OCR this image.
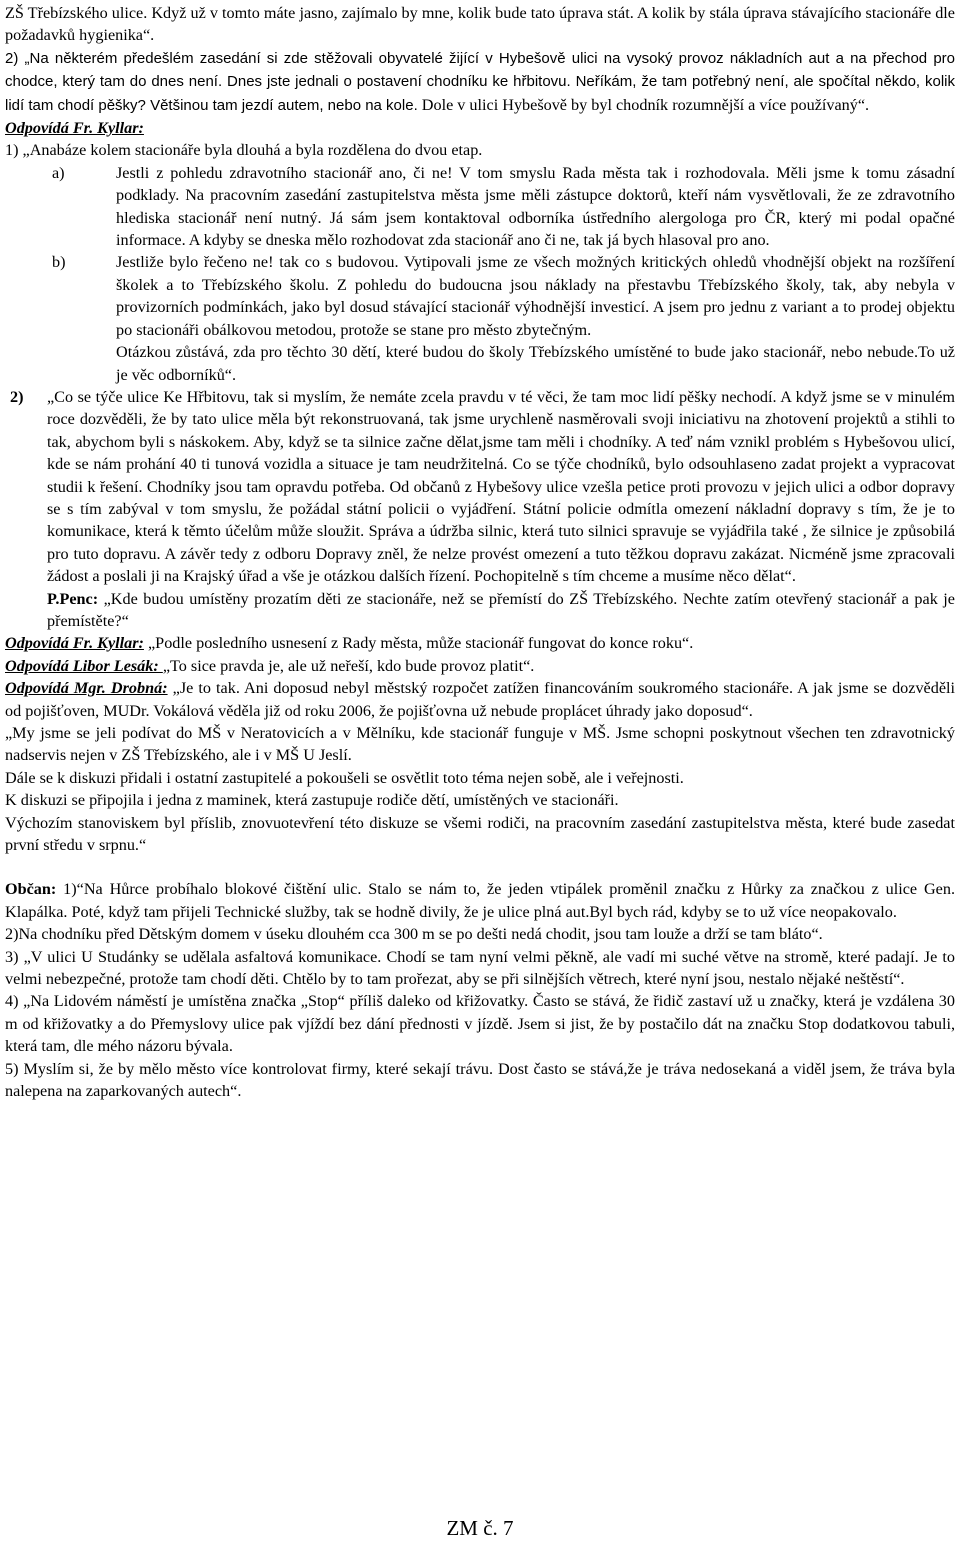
ZŠ Třebízského ulice. Když už v tomto máte jasno, zajímalo by mne, kolik bude tato úprava stát. A kolik by stála úprava stávajícího stacionáře dle požadavků hygienika“.

2) „Na některém předešlém zasedání si zde stěžovali obyvatelé žijící v Hybešově ulici na vysoký provoz nákladních aut a na přechod pro chodce, který tam do dnes není. Dnes jste jednali o postavení chodníku ke hřbitovu. Neříkám, že tam potřebný není, ale spočítal někdo, kolik lidí tam chodí pěšky? Většinou tam jezdí autem, nebo na kole. Dole v ulici Hybešově by byl chodník rozumnější a více používaný“.

Odpovídá Fr. Kyllar:

1) „Anabáze kolem stacionáře byla dlouhá a byla rozdělena do dvou etap.

a)	Jestli z pohledu zdravotního stacionář ano, či ne! V tom smyslu Rada města tak i rozhodovala. Měli jsme k tomu zásadní podklady. Na pracovním zasedání zastupitelstva města jsme měli zástupce doktorů, kteří nám vysvětlovali, že ze zdravotního hlediska stacionář není nutný. Já sám jsem kontaktoval odborníka ústředního alergologa pro ČR, který mi podal opačné informace. A kdyby se dneska mělo rozhodovat zda stacionář ano či ne, tak já bych hlasoval pro ano.
b)	Jestliže bylo řečeno ne! tak co s budovou. Vytipovali jsme ze všech možných kritických ohledů vhodnější objekt na rozšíření školek a to Třebízského školu. Z pohledu do budoucna jsou náklady na přestavbu Třebízského školy, tak, aby nebyla v provizorních podmínkách, jako byl dosud stávající stacionář výhodnější investicí. A jsem pro jednu z variant a to prodej objektu po stacionáři obálkovou metodou, protože se stane pro město zbytečným.

Otázkou zůstává, zda pro těchto 30 dětí, které budou do školy Třebízského umístěné to bude jako stacionář, nebo nebude.To už je věc odborníků“.

2)	„Co se týče ulice Ke Hřbitovu, tak si myslím, že nemáte zcela pravdu v té věci, že tam moc lidí pěšky nechodí. A když jsme se v minulém roce dozvěděli, že by tato ulice měla být rekonstruovaná, tak jsme urychleně nasměrovali svoji iniciativu na zhotovení projektů a stihli to tak, abychom byli s náskokem. Aby, když se ta silnice začne dělat,jsme tam měli i chodníky. A teď nám vznikl problém s Hybešovou ulicí, kde se nám prohání 40 ti tunová vozidla a situace je tam neudržitelná. Co se týče chodníků, bylo odsouhlaseno zadat projekt a vypracovat studii k řešení. Chodníky jsou tam opravdu potřeba. Od občanů z Hybešovy ulice vzešla petice proti provozu v jejich ulici a odbor dopravy se s tím zabýval v tom smyslu, že požádal státní policii o vyjádření. Státní policie odmítla omezení nákladní dopravy s tím, že je to komunikace, která k těmto účelům může sloužit. Správa a údržba silnic, která tuto silnici spravuje se vyjádřila také , že silnice je způsobilá pro tuto dopravu. A závěr tedy z odboru Dopravy zněl, že nelze provést omezení a tuto těžkou dopravu zakázat. Nicméně jsme zpracovali žádost a poslali ji na Krajský úřad a vše je otázkou dalších řízení. Pochopitelně s tím chceme a musíme něco dělat“.

P.Penc: „Kde budou umístěny prozatím děti ze stacionáře, než se přemístí do ZŠ Třebízského. Nechte zatím otevřený stacionář a pak je přemístěte?“

Odpovídá Fr. Kyllar: „Podle posledního usnesení z Rady města, může stacionář fungovat do konce roku“.

Odpovídá Libor Lesák: „To sice pravda je, ale už neřeší, kdo bude provoz platit“.

Odpovídá Mgr. Drobná: „Je to tak. Ani doposud nebyl městský rozpočet zatížen financováním soukromého stacionáře. A jak jsme se dozvěděli od pojišťoven, MUDr. Vokálová věděla již od roku 2006, že pojišťovna už nebude proplácet úhrady jako doposud“.

„My jsme se jeli podívat do MŠ v Neratovicích a v Mělníku, kde stacionář funguje v MŠ. Jsme schopni poskytnout všechen ten zdravotnický nadservis nejen v ZŠ Třebízského, ale i v MŠ U Jeslí.

Dále se k diskuzi přidali i ostatní zastupitelé a pokoušeli se osvětlit toto téma nejen sobě, ale i veřejnosti.

K diskuzi se připojila i jedna z maminek, která zastupuje rodiče dětí, umístěných ve stacionáři.

Výchozím stanoviskem byl příslib, znovuotevření této diskuze se všemi rodiči, na pracovním zasedání zastupitelstva města, které bude zasedat první středu v srpnu.“

Občan: 1)“Na Hůrce probíhalo blokové čištění ulic. Stalo se nám to, že jeden vtipálek proměnil značku z Hůrky za značkou z ulice Gen. Klapálka. Poté, když tam přijeli Technické služby, tak se hodně divily, že je ulice plná aut.Byl bych rád, kdyby se to už více neopakovalo.

2)Na chodníku před Dětským domem v úseku dlouhém cca 300 m se po dešti nedá chodit, jsou tam louže a drží se tam bláto“.

3) „V ulici U Studánky se udělala asfaltová komunikace. Chodí se tam nyní velmi pěkně, ale vadí mi suché větve na stromě, které padají. Je to velmi nebezpečné, protože tam chodí děti. Chtělo by to tam prořezat, aby se při silnějších větrech, které nyní jsou, nestalo nějaké neštěstí“.

4) „Na Lidovém náměstí je umístěna značka „Stop“ příliš daleko od křižovatky. Často se stává, že řidič zastaví už u značky, která je vzdálena 30 m od křižovatky a do Přemyslovy ulice pak vjíždí bez dání přednosti v jízdě. Jsem si jist, že by postačilo dát na značku Stop dodatkovou tabuli, která tam, dle mého názoru bývala.

5) Myslím si, že by mělo město více kontrolovat firmy, které sekají trávu. Dost často se stává,že je tráva nedosekaná a viděl jsem, že tráva byla nalepena na zaparkovaných autech“.

ZM č. 7
